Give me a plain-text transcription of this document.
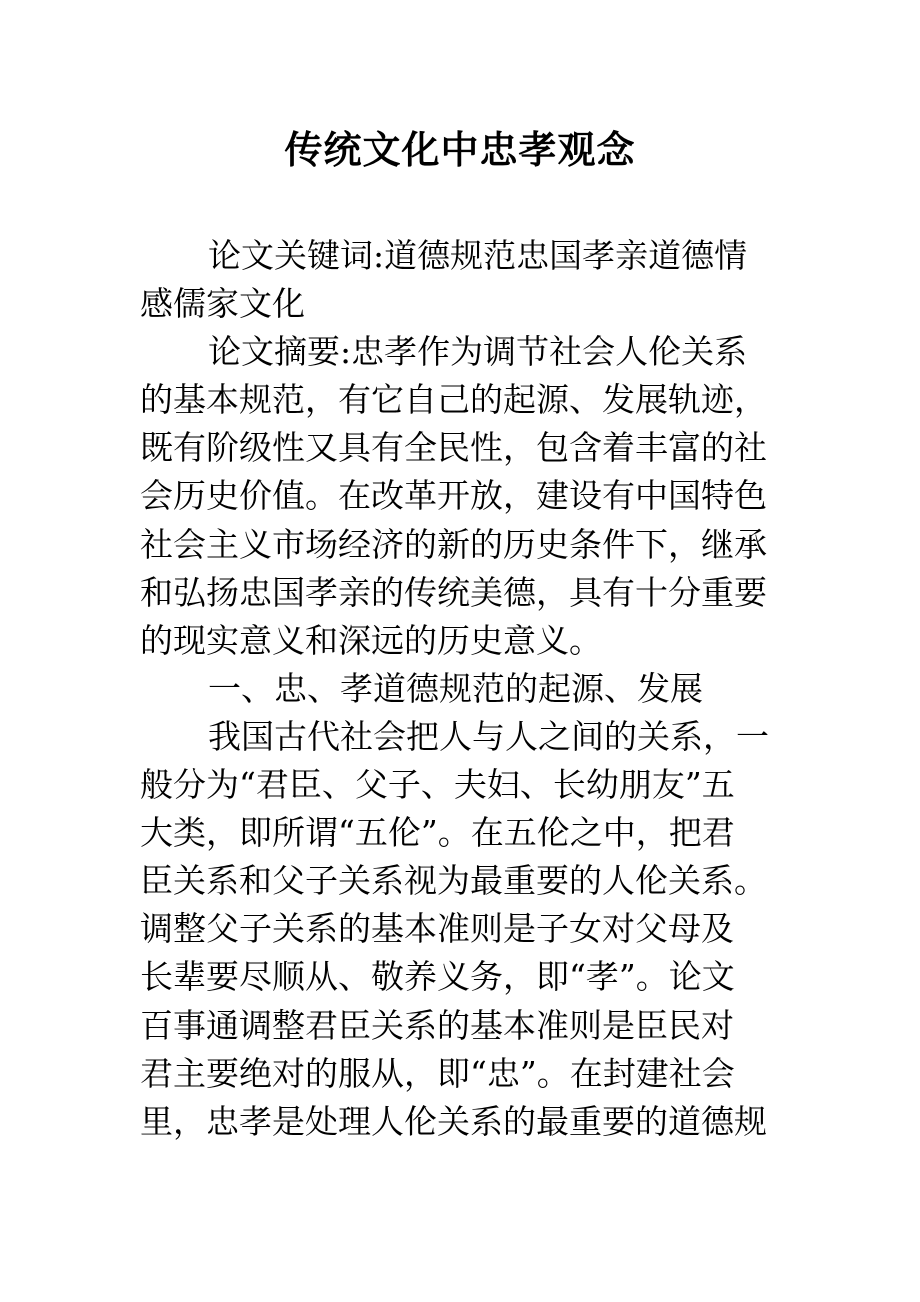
传统文化中忠孝观念
论文关键词:道德规范忠国孝亲道德情
感儒家文化
论文摘要:忠孝作为调节社会人伦关系
的基本规范，有它自己的起源、发展轨迹，
既有阶级性又具有全民性，包含着丰富的社
会历史价值。在改革开放，建设有中国特色
社会主义市场经济的新的历史条件下，继承
和弘扬忠国孝亲的传统美德，具有十分重要
的现实意义和深远的历史意义。
一、忠、孝道德规范的起源、发展
我国古代社会把人与人之间的关系，一
般分为“君臣、父子、夫妇、长幼朋友”五
大类，即所谓“五伦”。在五伦之中，把君
臣关系和父子关系视为最重要的人伦关系。
调整父子关系的基本准则是子女对父母及
长辈要尽顺从、敬养义务，即“孝”。论文
百事通调整君臣关系的基本准则是臣民对
君主要绝对的服从，即“忠”。在封建社会
里，忠孝是处理人伦关系的最重要的道德规
